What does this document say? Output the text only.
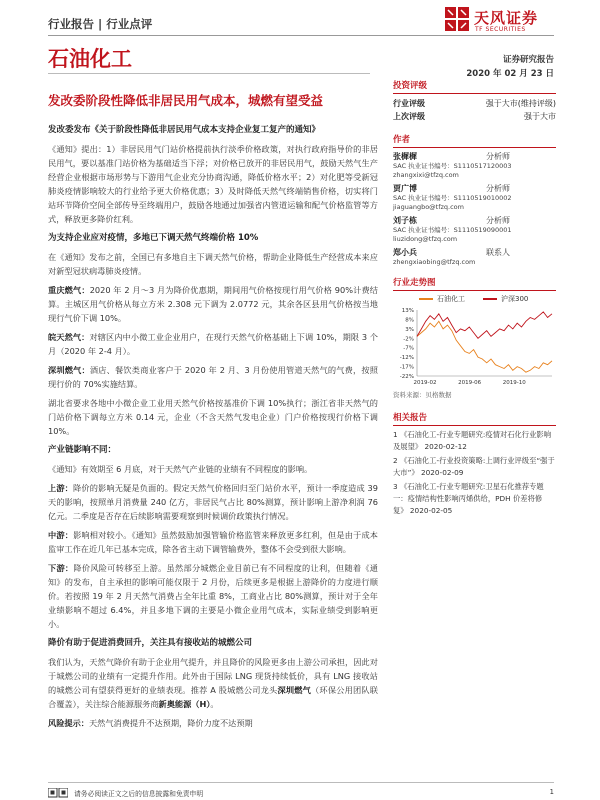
行业报告 | 行业点评	天风证券
TF SECURITIES
石油化工	证券研究报告
2020 年 02 月 23 日
发改委阶段性降低非居民用气成本，城燃有望受益
发改委发布《关于阶段性降低非居民用气成本支持企业复工复产的通知》
《通知》提出：1）非居民用气门站价格提前执行淡季价格政策，对执行政府指导价的非居民用气，要以基准门站价格为基础适当下浮；对价格已放开的非居民用气，鼓励天然气生产经营企业根据市场形势与下游用气企业充分协商沟通，降低价格水平；2）对化肥等受新冠肺炎疫情影响较大的行业给予更大价格优惠；3）及时降低天然气终端销售价格，切实将门站环节降价空间全部传导至终端用户，鼓励各地通过加强省内管道运输和配气价格监管等方式，释放更多降价红利。
为支持企业应对疫情，多地已下调天然气终端价格 10%
在《通知》发布之前，全国已有多地自主下调天然气价格，帮助企业降低生产经营成本来应对新型冠状病毒肺炎疫情。
重庆燃气：2020 年 2 月～3 月为降价优惠期，期间用气价格按现行用气价格 90%计费结算。主城区用气价格从每立方米 2.308 元下调为 2.0772 元，其余各区县用气价格按当地现行气价下调 10%。
皖天然气：对辖区内中小微工业企业用户，在现行天然气价格基础上下调 10%，期限 3 个月（2020 年 2-4 月）。
深圳燃气：酒店、餐饮类商业客户于 2020 年 2 月、3 月份使用管道天然气的气费，按照现行价的 70%实施结算。
湖北省要求各地中小微企业工业用天然气价格按基准价下调 10%执行；浙江省非天然气的门站价格下调每立方米 0.14 元，企业（不含天然气发电企业）门户价格按现行价格下调 10%。
产业链影响不同：
《通知》有效期至 6 月底，对于天然气产业链的业绩有不同程度的影响。
上游：降价的影响无疑是负面的。假定天然气价格回归至门站价水平，预计一季度造成 39 天的影响，按照单月消费量 240 亿方，非居民气占比 80%测算，预计影响上游净利润 76 亿元。二季度是否存在后续影响需要观察到时候调价政策执行情况。
中游：影响相对较小。《通知》虽然鼓励加强管输价格监管来释放更多红利，但是由于成本监审工作在近几年已基本完成，除各省主动下调管输费外，整体不会受到很大影响。
下游：降价风险可转移至上游。虽然部分城燃企业目前已有不同程度的让利，但随着《通知》的发布，自主承担的影响可能仅限于 2 月份，后续更多是根据上游降价的力度进行顺价。若按照 19 年 2 月天然气消费占全年比重 8%，工商业占比 80%测算，预计对于全年业绩影响不超过 6.4%，并且多地下调的主要是小微企业用气成本，实际业绩受到影响更小。
降价有助于促进消费回升，关注具有接收站的城燃公司
我们认为，天然气降价有助于企业用气提升，并且降价的风险更多由上游公司承担，因此对于城燃公司的业绩有一定提升作用。此外由于国际 LNG 现货持续低价，具有 LNG 接收站的城燃公司有望获得更好的业绩表现。推荐 A 股城燃公司龙头深圳燃气（环保公用团队联合覆盖），关注综合能源服务商新奥能源（H）。
风险提示：天然气消费提升不达预期，降价力度不达预期
投资评级
行业评级	强于大市(维持评级)
上次评级	强于大市
作者
张樨樨	分析师
SAC 执业证书编号：S1110517120003
zhangxixi@tfzq.com
贾广博	分析师
SAC 执业证书编号：S1110519010002
jiaguangbo@tfzq.com
刘子栋	分析师
SAC 执业证书编号：S1110519090001
liuzidong@tfzq.com
郑小兵	联系人
zhengxiaobing@tfzq.com
行业走势图
石油化工	沪深300
13%
8%
3%
-2%
-7%
-12%
-17%
-22%
2019-02	2019-06	2019-10
资料来源：贝格数据
相关报告
1 《石油化工-行业专题研究:疫情对石化行业影响及展望》 2020-02-12
2 《石油化工-行业投资策略:上调行业评级至“强于大市”》 2020-02-09
3 《石油化工-行业专题研究:卫星石化推荐专题一：疫情结构性影响丙烯供给，PDH 价差将修复》 2020-02-05
请务必阅读正文之后的信息披露和免责申明	1
